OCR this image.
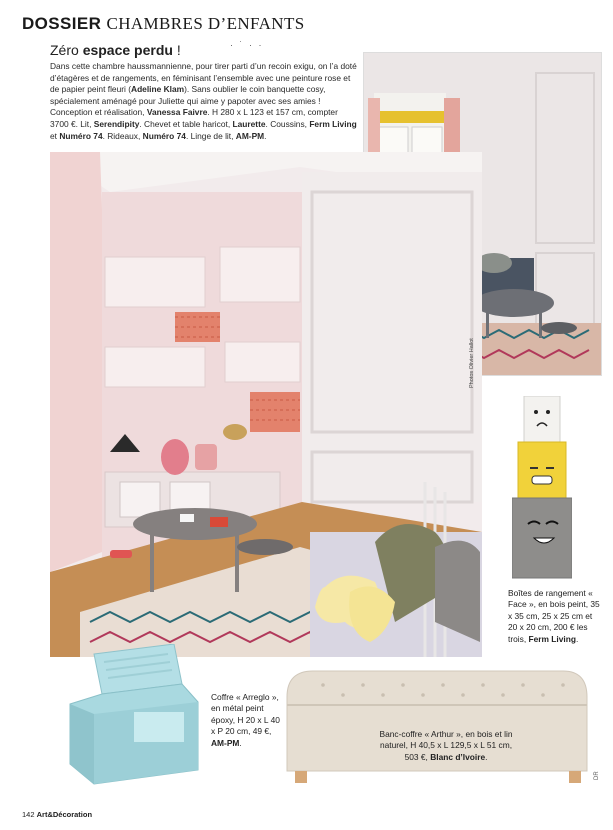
DOSSIER CHAMBRES D’ENFANTS
· ˙ · ·
Zéro espace perdu !
Dans cette chambre haussmannienne, pour tirer parti d’un recoin exigu, on l’a doté d’étagères et de rangements, en féminisant l’ensemble avec une peinture rose et de papier peint fleuri (Adeline Klam). Sans oublier le coin banquette cosy, spécialement aménagé pour Juliette qui aime y papoter avec ses amies ! Conception et réalisation, Vanessa Faivre. H 280 x L 123 et 157 cm, compter 3700 €. Lit, Serendipity. Chevet et table haricot, Laurette. Coussins, Ferm Living et Numéro 74. Rideaux, Numéro 74. Linge de lit, AM-PM.
Photos Olivier Hallot
Boîtes de rangement « Face », en bois peint, 35 x 35 cm, 25 x 25 cm et 20 x 20 cm, 200 € les trois, Ferm Living.
Coffre « Arreglo », en métal peint époxy, H 20 x L 40 x P 20 cm, 49 €, AM-PM.
Banc-coffre « Arthur », en bois et lin naturel, H 40,5 x L 129,5 x L 51 cm, 503 €, Blanc d’Ivoire.
142 Art&Décoration
DR
